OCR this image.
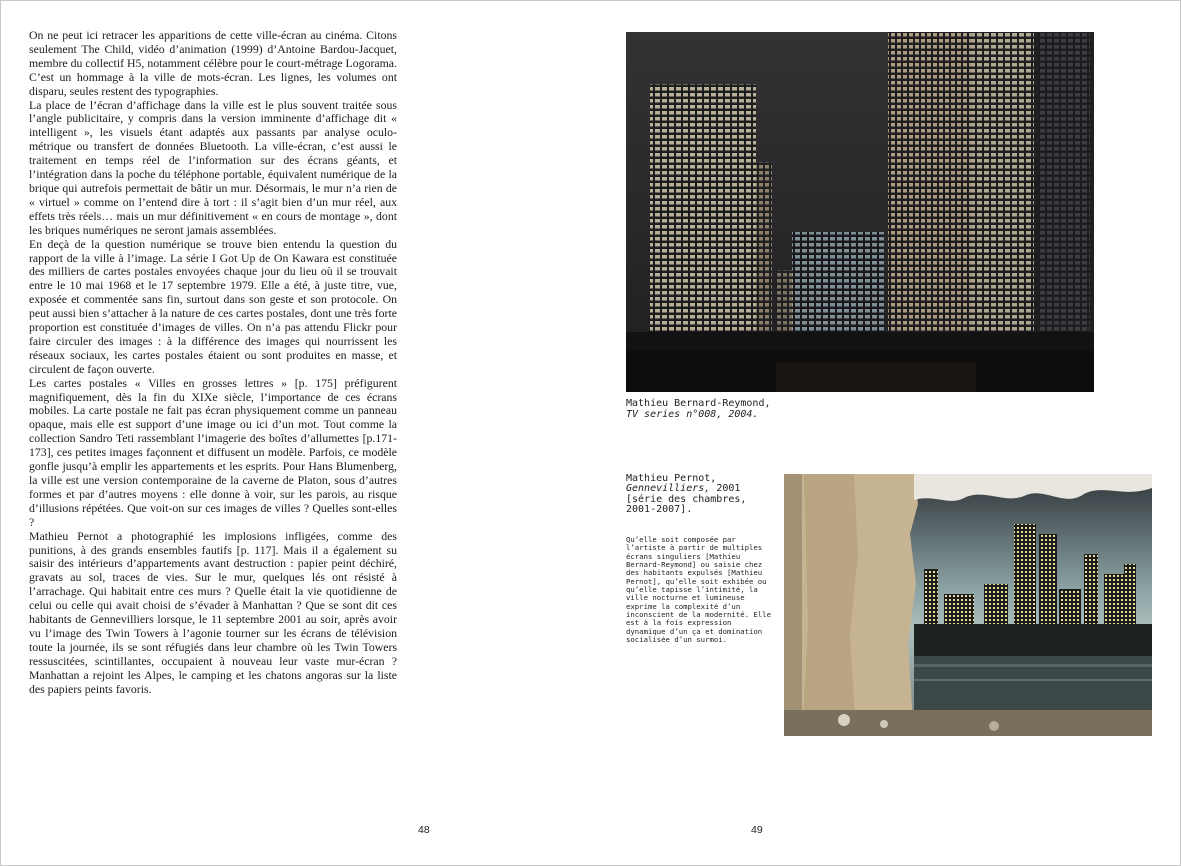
On ne peut ici retracer les apparitions de cette ville-écran au cinéma. Citons seulement The Child, vidéo d’animation (1999) d’Antoine Bardou-Jacquet, membre du collectif H5, notamment célèbre pour le court-métrage Logorama. C’est un hommage à la ville de mots-écran. Les lignes, les volumes ont disparu, seules restent des typographies.

La place de l’écran d’affichage dans la ville est le plus souvent traitée sous l’angle publicitaire, y compris dans la version imminente d’affichage dit « intelligent », les visuels étant adaptés aux passants par analyse oculo-métrique ou transfert de données Bluetooth. La ville-écran, c’est aussi le traitement en temps réel de l’information sur des écrans géants, et l’intégration dans la poche du téléphone portable, équivalent numérique de la brique qui autrefois permettait de bâtir un mur. Désormais, le mur n’a rien de « virtuel » comme on l’entend dire à tort : il s’agit bien d’un mur réel, aux effets très réels… mais un mur définitivement « en cours de montage », dont les briques numériques ne seront jamais assemblées.

En deçà de la question numérique se trouve bien entendu la question du rapport de la ville à l’image. La série I Got Up de On Kawara est constituée des milliers de cartes postales envoyées chaque jour du lieu où il se trouvait entre le 10 mai 1968 et le 17 septembre 1979. Elle a été, à juste titre, vue, exposée et commentée sans fin, surtout dans son geste et son protocole. On peut aussi bien s’attacher à la nature de ces cartes postales, dont une très forte proportion est constituée d’images de villes. On n’a pas attendu Flickr pour faire circuler des images : à la différence des images qui nourrissent les réseaux sociaux, les cartes postales étaient ou sont produites en masse, et circulent de façon ouverte.

Les cartes postales « Villes en grosses lettres » [p. 175] préfigurent magnifiquement, dès la fin du XIXe siècle, l’importance de ces écrans mobiles. La carte postale ne fait pas écran physiquement comme un panneau opaque, mais elle est support d’une image ou ici d’un mot. Tout comme la collection Sandro Teti rassemblant l’imagerie des boîtes d’allumettes [p.171-173], ces petites images façonnent et diffusent un modèle. Parfois, ce modèle gonfle jusqu’à emplir les appartements et les esprits. Pour Hans Blumenberg, la ville est une version contemporaine de la caverne de Platon, sous d’autres formes et par d’autres moyens : elle donne à voir, sur les parois, au risque d’illusions répétées. Que voit-on sur ces images de villes ? Quelles sont-elles ?

Mathieu Pernot a photographié les implosions infligées, comme des punitions, à des grands ensembles fautifs [p. 117]. Mais il a également su saisir des intérieurs d’appartements avant destruction : papier peint déchiré, gravats au sol, traces de vies. Sur le mur, quelques lés ont résisté à l’arrachage. Qui habitait entre ces murs ? Quelle était la vie quotidienne de celui ou celle qui avait choisi de s’évader à Manhattan ? Que se sont dit ces habitants de Gennevilliers lorsque, le 11 septembre 2001 au soir, après avoir vu l’image des Twin Towers à l’agonie tourner sur les écrans de télévision toute la journée, ils se sont réfugiés dans leur chambre où les Twin Towers ressuscitées, scintillantes, occupaient à nouveau leur vaste mur-écran ? Manhattan a rejoint les Alpes, le camping et les chatons angoras sur la liste des papiers peints favoris.

Mathieu Bernard-Reymond,
TV series n°008, 2004.
Mathieu Pernot,
Gennevilliers, 2001
[série des chambres,
2001-2007].
Qu’elle soit composée par l’artiste à partir de multiples écrans singuliers [Mathieu Bernard-Reymond] ou saisie chez des habitants expulsés [Mathieu Pernot], qu’elle soit exhibée ou qu’elle tapisse l’intimité, la ville nocturne et lumineuse exprime la complexité d’un inconscient de la modernité. Elle est à la fois expression dynamique d’un ça et domination socialisée d’un surmoi.
48	49
